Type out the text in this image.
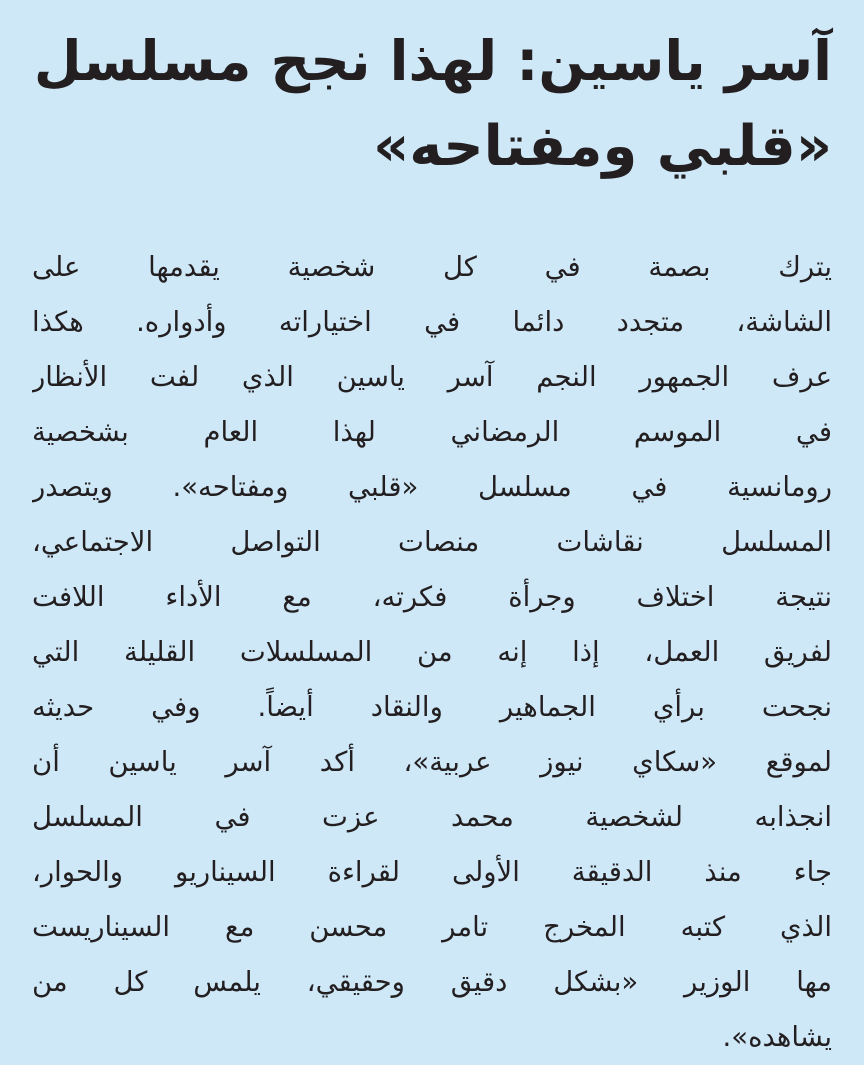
آسر ياسين: لهذا نجح مسلسل
«قلبي ومفتاحه»
يترك بصمة في كل شخصية يقدمها على
الشاشة، متجدد دائما في اختياراته وأدواره. هكذا
عرف الجمهور النجم آسر ياسين الذي لفت الأنظار
في الموسم الرمضاني لهذا العام بشخصية
رومانسية في مسلسل «قلبي ومفتاحه». ويتصدر
المسلسل نقاشات منصات التواصل الاجتماعي،
نتيجة اختلاف وجرأة فكرته، مع الأداء اللافت
لفريق العمل، إذا إنه من المسلسلات القليلة التي
نجحت برأي الجماهير والنقاد أيضاً. وفي حديثه
لموقع «سكاي نيوز عربية»، أكد آسر ياسين أن
انجذابه لشخصية محمد عزت في المسلسل
جاء منذ الدقيقة الأولى لقراءة السيناريو والحوار،
الذي كتبه المخرج تامر محسن مع السيناريست
مها الوزير «بشكل دقيق وحقيقي، يلمس كل من
يشاهده».
